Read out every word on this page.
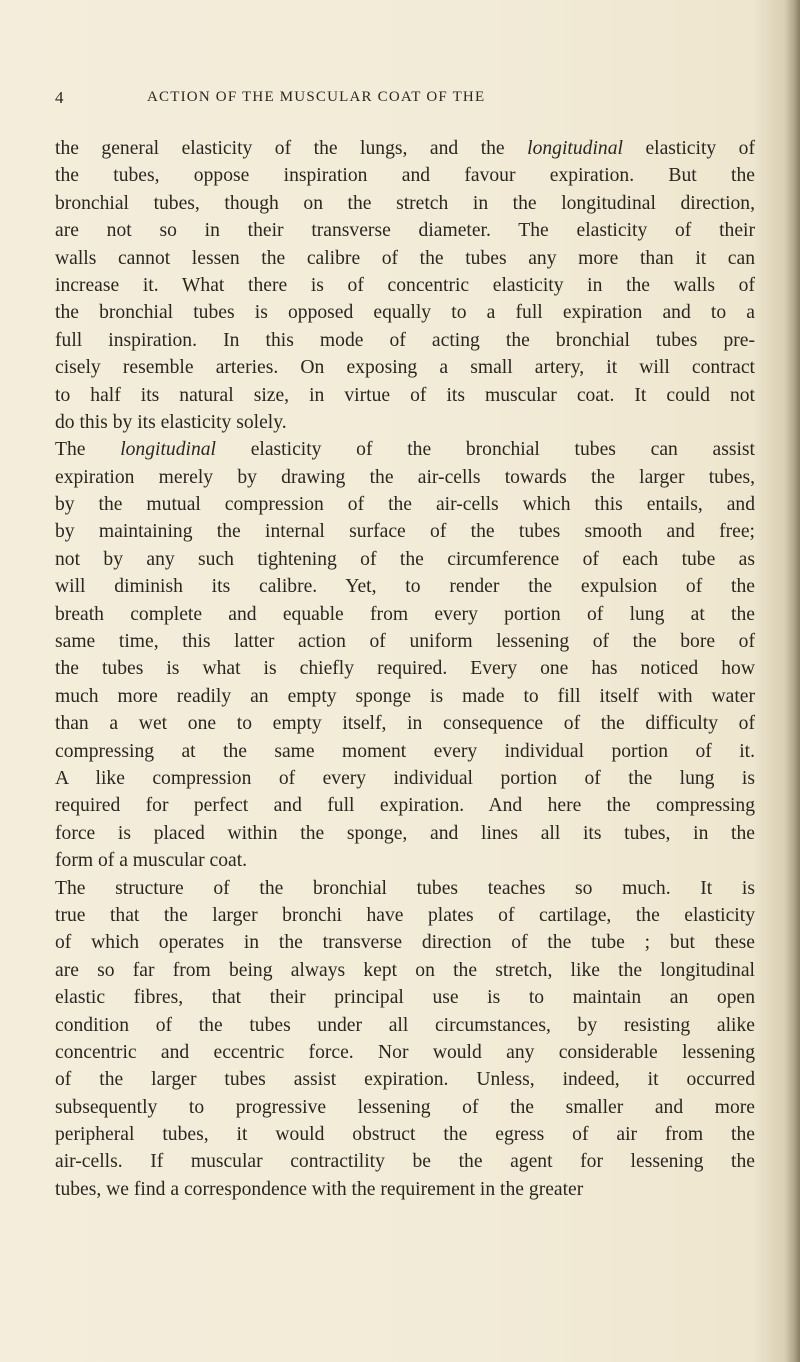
4	ACTION OF THE MUSCULAR COAT OF THE
the general elasticity of the lungs, and the longitudinal elasticity of
the tubes, oppose inspiration and favour expiration. But the
bronchial tubes, though on the stretch in the longitudinal direction,
are not so in their transverse diameter. The elasticity of their
walls cannot lessen the calibre of the tubes any more than it can
increase it. What there is of concentric elasticity in the walls of
the bronchial tubes is opposed equally to a full expiration and to a
full inspiration. In this mode of acting the bronchial tubes pre-
cisely resemble arteries. On exposing a small artery, it will contract
to half its natural size, in virtue of its muscular coat. It could not
do this by its elasticity solely.
The longitudinal elasticity of the bronchial tubes can assist
expiration merely by drawing the air-cells towards the larger tubes,
by the mutual compression of the air-cells which this entails, and
by maintaining the internal surface of the tubes smooth and free;
not by any such tightening of the circumference of each tube as
will diminish its calibre. Yet, to render the expulsion of the
breath complete and equable from every portion of lung at the
same time, this latter action of uniform lessening of the bore of
the tubes is what is chiefly required. Every one has noticed how
much more readily an empty sponge is made to fill itself with water
than a wet one to empty itself, in consequence of the difficulty of
compressing at the same moment every individual portion of it.
A like compression of every individual portion of the lung is
required for perfect and full expiration. And here the compressing
force is placed within the sponge, and lines all its tubes, in the
form of a muscular coat.
The structure of the bronchial tubes teaches so much. It is
true that the larger bronchi have plates of cartilage, the elasticity
of which operates in the transverse direction of the tube ; but these
are so far from being always kept on the stretch, like the longitudinal
elastic fibres, that their principal use is to maintain an open
condition of the tubes under all circumstances, by resisting alike
concentric and eccentric force. Nor would any considerable lessening
of the larger tubes assist expiration. Unless, indeed, it occurred
subsequently to progressive lessening of the smaller and more
peripheral tubes, it would obstruct the egress of air from the
air-cells. If muscular contractility be the agent for lessening the
tubes, we find a correspondence with the requirement in the greater
